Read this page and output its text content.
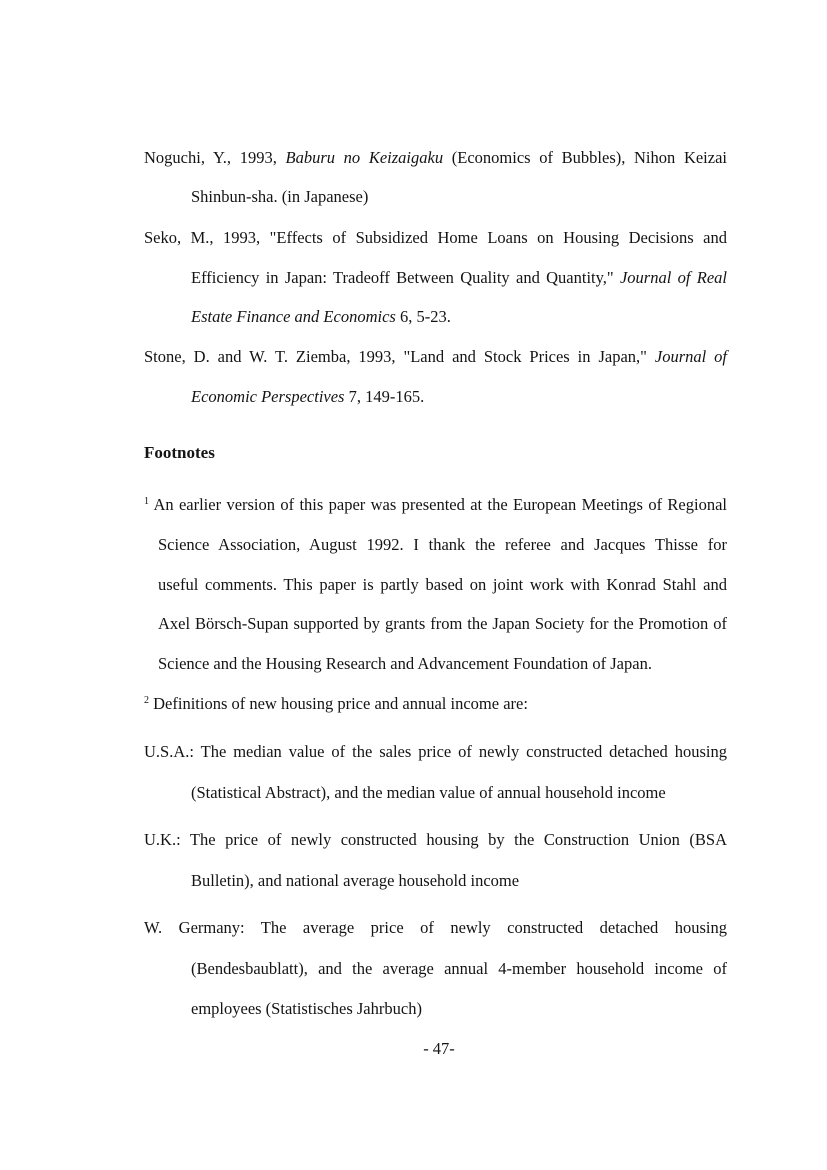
Noguchi, Y., 1993, Baburu no Keizaigaku (Economics of Bubbles), Nihon Keizai
Shinbun-sha. (in Japanese)
Seko, M., 1993, "Effects of Subsidized Home Loans on Housing Decisions and
Efficiency in Japan: Tradeoff Between Quality and Quantity," Journal of Real
Estate Finance and Economics 6, 5-23.
Stone, D. and W. T. Ziemba, 1993, "Land and Stock Prices in Japan," Journal of
Economic Perspectives 7, 149-165.
Footnotes
$^1$ An earlier version of this paper was presented at the European Meetings of Regional
Science Association, August 1992. I thank the referee and Jacques Thisse for
useful comments. This paper is partly based on joint work with Konrad Stahl and
Axel Börsch-Supan supported by grants from the Japan Society for the Promotion of
Science and the Housing Research and Advancement Foundation of Japan.
$^2$ Definitions of new housing price and annual income are:
U.S.A.: The median value of the sales price of newly constructed detached housing
(Statistical Abstract), and the median value of annual household income
U.K.: The price of newly constructed housing by the Construction Union (BSA
Bulletin), and national average household income
W. Germany: The average price of newly constructed detached housing
(Bendesbaublatt), and the average annual 4-member household income of
employees (Statistisches Jahrbuch)
- 47-
